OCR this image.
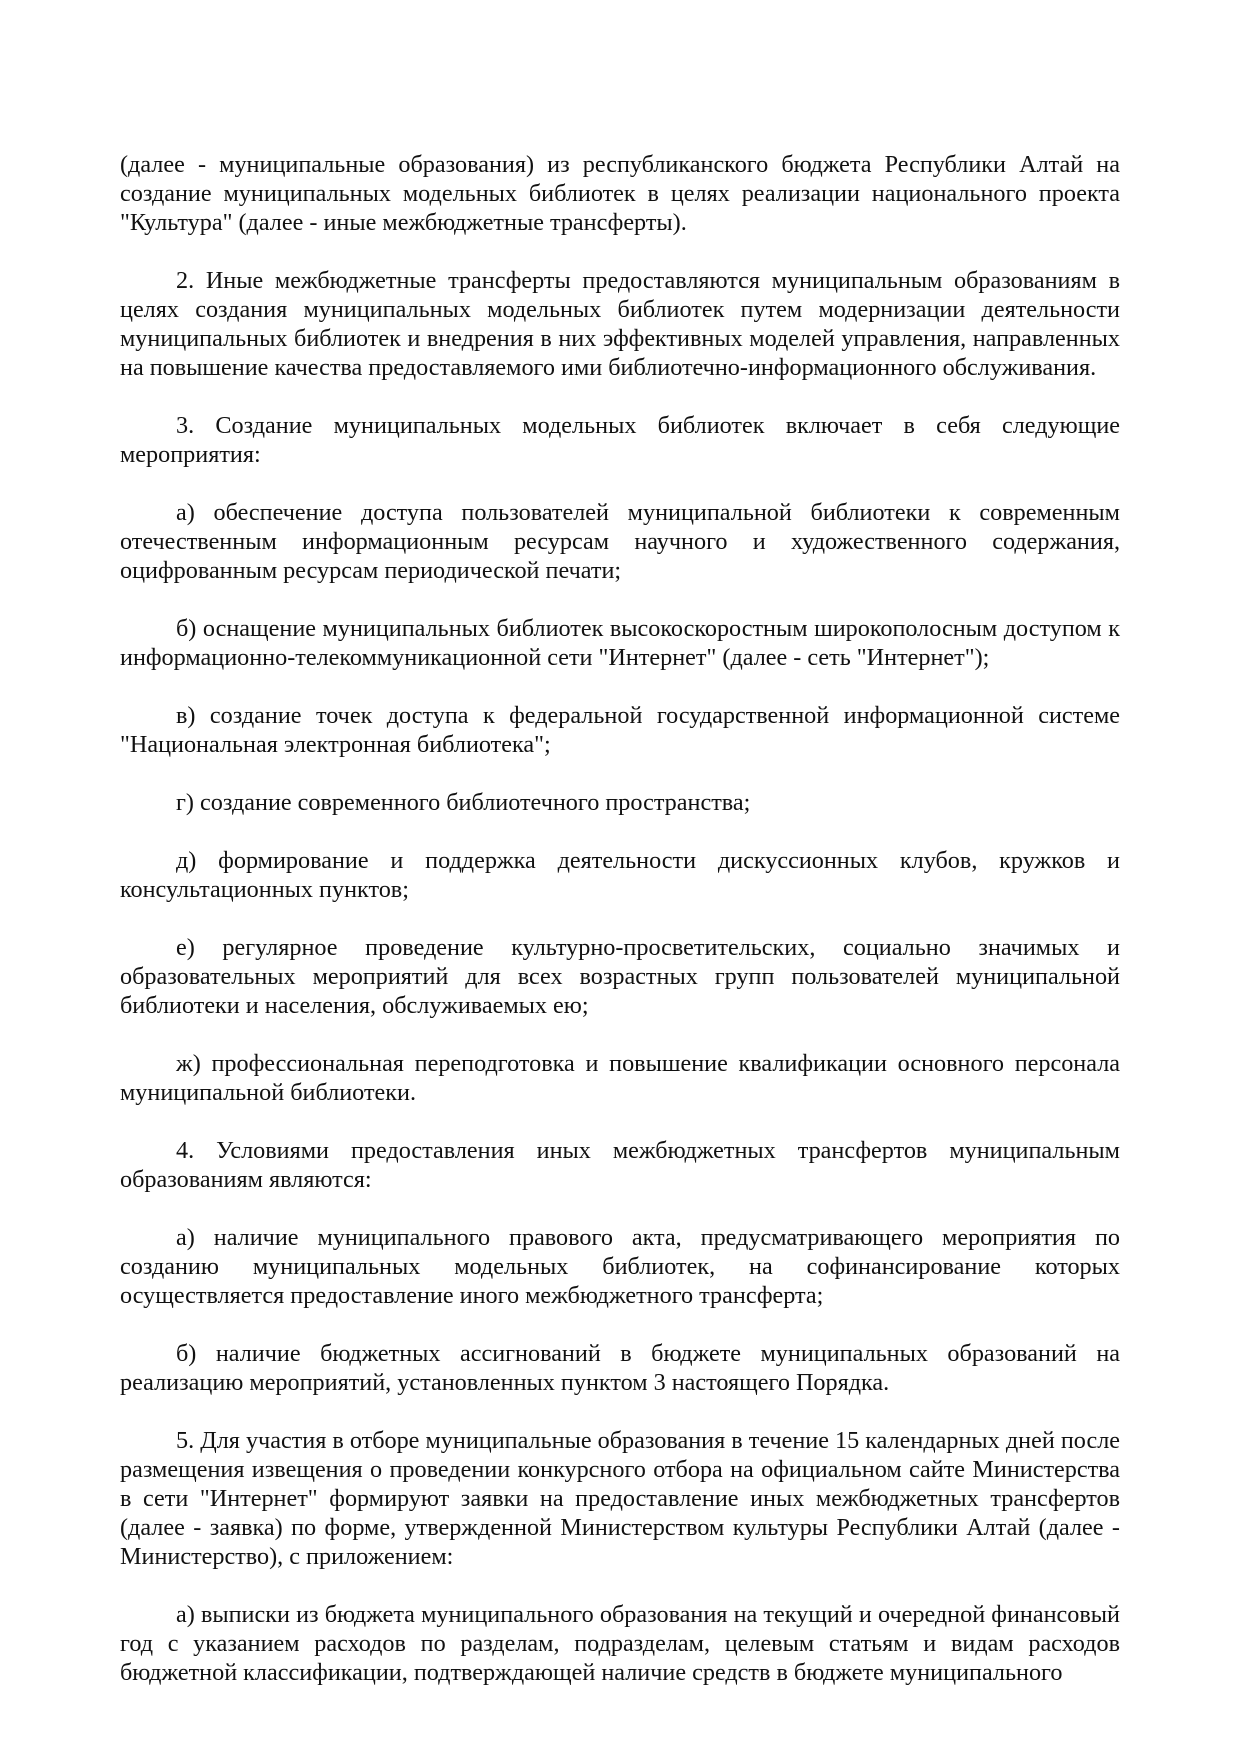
(далее - муниципальные образования) из республиканского бюджета Республики Алтай на создание муниципальных модельных библиотек в целях реализации национального проекта "Культура" (далее - иные межбюджетные трансферты).

2. Иные межбюджетные трансферты предоставляются муниципальным образованиям в целях создания муниципальных модельных библиотек путем модернизации деятельности муниципальных библиотек и внедрения в них эффективных моделей управления, направленных на повышение качества предоставляемого ими библиотечно-информационного обслуживания.

3. Создание муниципальных модельных библиотек включает в себя следующие мероприятия:

а) обеспечение доступа пользователей муниципальной библиотеки к современным отечественным информационным ресурсам научного и художественного содержания, оцифрованным ресурсам периодической печати;

б) оснащение муниципальных библиотек высокоскоростным широкополосным доступом к информационно-телекоммуникационной сети "Интернет" (далее - сеть "Интернет");

в) создание точек доступа к федеральной государственной информационной системе "Национальная электронная библиотека";

г) создание современного библиотечного пространства;

д) формирование и поддержка деятельности дискуссионных клубов, кружков и консультационных пунктов;

е) регулярное проведение культурно-просветительских, социально значимых и образовательных мероприятий для всех возрастных групп пользователей муниципальной библиотеки и населения, обслуживаемых ею;

ж) профессиональная переподготовка и повышение квалификации основного персонала муниципальной библиотеки.

4. Условиями предоставления иных межбюджетных трансфертов муниципальным образованиям являются:

а) наличие муниципального правового акта, предусматривающего мероприятия по созданию муниципальных модельных библиотек, на софинансирование которых осуществляется предоставление иного межбюджетного трансферта;

б) наличие бюджетных ассигнований в бюджете муниципальных образований на реализацию мероприятий, установленных пунктом 3 настоящего Порядка.

5. Для участия в отборе муниципальные образования в течение 15 календарных дней после размещения извещения о проведении конкурсного отбора на официальном сайте Министерства в сети "Интернет" формируют заявки на предоставление иных межбюджетных трансфертов (далее - заявка) по форме, утвержденной Министерством культуры Республики Алтай (далее - Министерство), с приложением:

а) выписки из бюджета муниципального образования на текущий и очередной финансовый год с указанием расходов по разделам, подразделам, целевым статьям и видам расходов бюджетной классификации, подтверждающей наличие средств в бюджете муниципального
